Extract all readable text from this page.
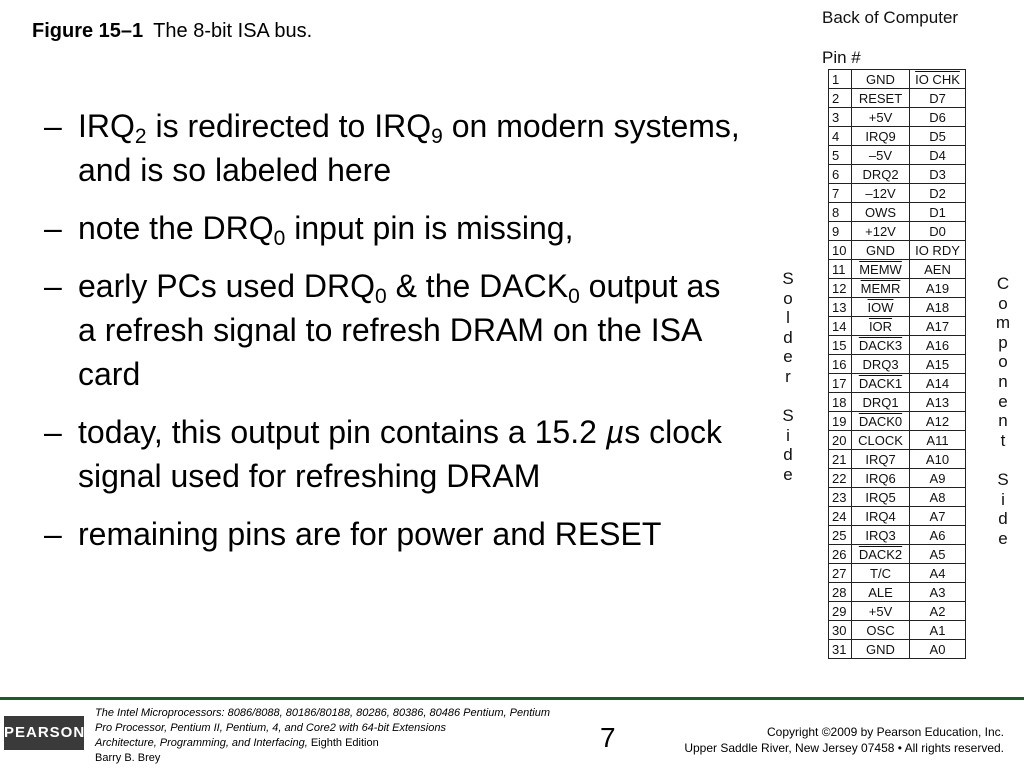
Figure 15–1 The 8-bit ISA bus.
– $IRQ_2$ is redirected to $IRQ_9$ on modern systems, and is so labeled here
– note the $DRQ_0$ input pin is missing,
– early PCs used $DRQ_0$ & the $DACK_0$ output as a refresh signal to refresh DRAM on the ISA card
– today, this output pin contains a 15.2 µs clock signal used for refreshing DRAM
– remaining pins are for power and RESET
Back of Computer
Pin #
S
o
l
d
e
r

S
i
d
e
1	GND	IO CHK
2	RESET	D7
3	+5V	D6
4	IRQ9	D5
5	–5V	D4
6	DRQ2	D3
7	–12V	D2
8	OWS	D1
9	+12V	D0
10	GND	IO RDY
11	MEMW	AEN
12	MEMR	A19
13	$\overline{IOW}$	A18
14	$\overline{IOR}$	A17
15	DACK3	A16
16	DRQ3	A15
17	DACK1	A14
18	DRQ1	A13
19	DACK0	A12
20	CLOCK	A11
21	IRQ7	A10
22	IRQ6	A9
23	IRQ5	A8
24	IRQ4	A7
25	IRQ3	A6
26	DACK2	A5
27	T/C	A4
28	ALE	A3
29	+5V	A2
30	OSC	A1
31	GND	A0
C
o
m
p
o
n
e
n
t

S
i
d
e
PEARSON
The Intel Microprocessors: 8086/8088, 80186/80188, 80286, 80386, 80486 Pentium, Pentium Pro Processor, Pentium II, Pentium, 4, and Core2 with 64-bit Extensions
Architecture, Programming, and Interfacing, Eighth Edition
Barry B. Brey
7	Copyright ©2009 by Pearson Education, Inc.
Upper Saddle River, New Jersey 07458 • All rights reserved.
